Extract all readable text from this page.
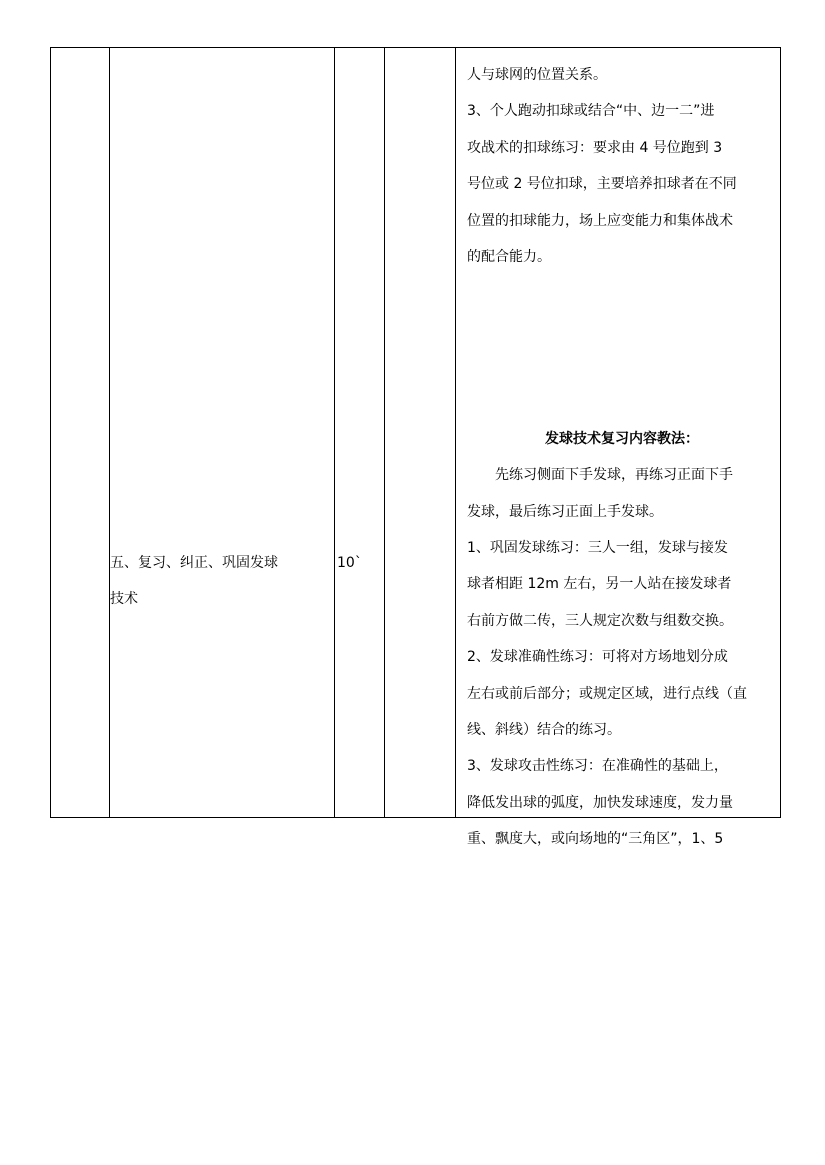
五、复习、纠正、巩固发球
技术
10`
人与球网的位置关系。
3、个人跑动扣球或结合“中、边一二”进
攻战术的扣球练习：要求由 4 号位跑到 3
号位或 2 号位扣球，主要培养扣球者在不同
位置的扣球能力，场上应变能力和集体战术
的配合能力。
发球技术复习内容教法：
先练习侧面下手发球，再练习正面下手
发球，最后练习正面上手发球。
1、巩固发球练习：三人一组，发球与接发
球者相距 12m 左右，另一人站在接发球者
右前方做二传，三人规定次数与组数交换。
2、发球准确性练习：可将对方场地划分成
左右或前后部分；或规定区域，进行点线（直
线、斜线）结合的练习。
3、发球攻击性练习：在准确性的基础上，
降低发出球的弧度，加快发球速度，发力量
重、飘度大，或向场地的“三角区”，1、5
